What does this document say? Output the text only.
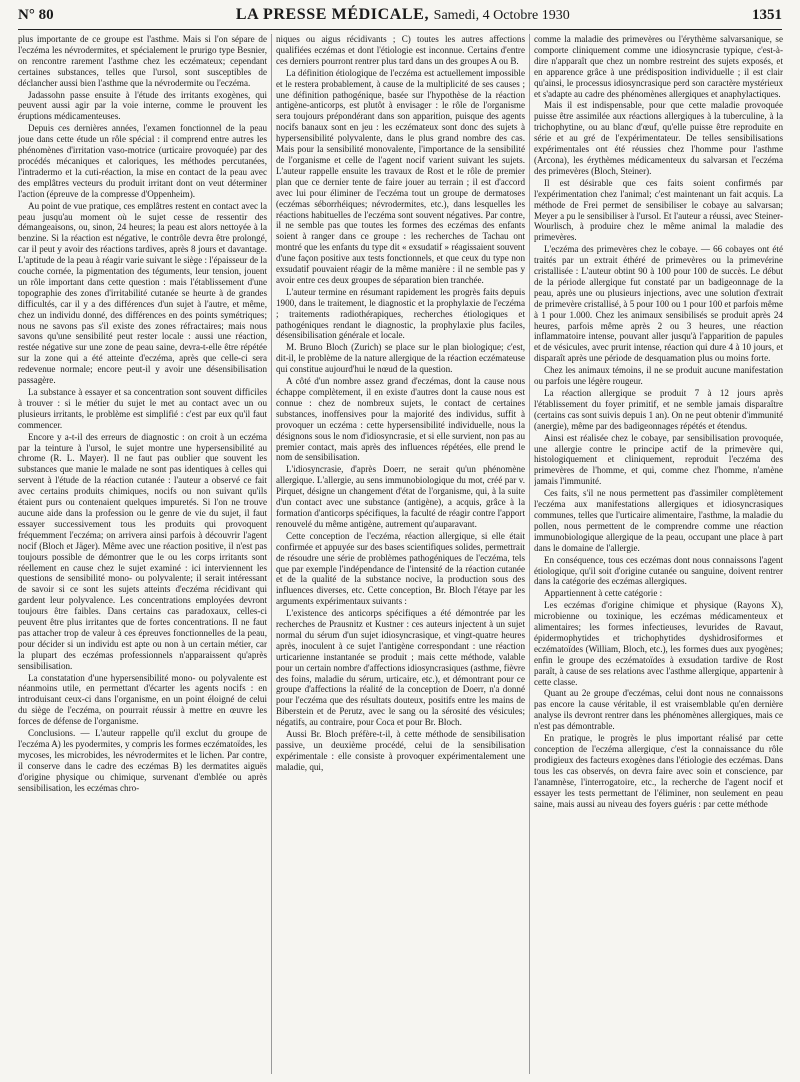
N° 80	LA PRESSE MÉDICALE, Samedi, 4 Octobre 1930	1351

plus importante de ce groupe est l'asthme. Mais si l'on sépare de l'eczéma les névrodermites, et spécialement le prurigo type Besnier, on rencontre rarement l'asthme chez les eczémateux; cependant certaines substances, telles que l'ursol, sont susceptibles de déclancher aussi bien l'asthme que la névrodermite ou l'eczéma.

Jadassohn passe ensuite à l'étude des irritants exogènes, qui peuvent aussi agir par la voie interne, comme le prouvent les éruptions médicamenteuses.

Depuis ces dernières années, l'examen fonctionnel de la peau joue dans cette étude un rôle spécial : il comprend entre autres les phénomènes d'irritation vaso-motrice (urticaire provoquée) par des procédés mécaniques et caloriques, les méthodes percutanées, l'intradermo et la cuti-réaction, la mise en contact de la peau avec des emplâtres vecteurs du produit irritant dont on veut déterminer l'action (épreuve de la compresse d'Oppenheim).

Au point de vue pratique, ces emplâtres restent en contact avec la peau jusqu'au moment où le sujet cesse de ressentir des démangeaisons, ou, sinon, 24 heures; la peau est alors nettoyée à la benzine. Si la réaction est négative, le contrôle devra être prolongé, car il peut y avoir des réactions tardives, après 8 jours et davantage. L'aptitude de la peau à réagir varie suivant le siège : l'épaisseur de la couche cornée, la pigmentation des téguments, leur tension, jouent un rôle important dans cette question : mais l'établissement d'une topographie des zones d'irritabilité cutanée se heurte à de grandes difficultés, car il y a des différences d'un sujet à l'autre, et même, chez un individu donné, des différences en des points symétriques; nous ne savons pas s'il existe des zones réfractaires; mais nous savons qu'une sensibilité peut rester locale : aussi une réaction, restée négative sur une zone de peau saine, devra-t-elle être répétée sur la zone qui a été atteinte d'eczéma, après que celle-ci sera redevenue normale; encore peut-il y avoir une désensibilisation passagère.

La substance à essayer et sa concentration sont souvent difficiles à trouver : si le métier du sujet le met au contact avec un ou plusieurs irritants, le problème est simplifié : c'est par eux qu'il faut commencer.

Encore y a-t-il des erreurs de diagnostic : on croit à un eczéma par la teinture à l'ursol, le sujet montre une hypersensibilité au chrome (R. L. Mayer). Il ne faut pas oublier que souvent les substances que manie le malade ne sont pas identiques à celles qui servent à l'étude de la réaction cutanée : l'auteur a observé ce fait avec certains produits chimiques, nocifs ou non suivant qu'ils étaient purs ou contenaient quelques impuretés. Si l'on ne trouve aucune aide dans la profession ou le genre de vie du sujet, il faut essayer successivement tous les produits qui provoquent fréquemment l'eczéma; on arrivera ainsi parfois à découvrir l'agent nocif (Bloch et Jäger). Même avec une réaction positive, il n'est pas toujours possible de démontrer que le ou les corps irritants sont réellement en cause chez le sujet examiné : ici interviennent les questions de sensibilité mono- ou polyvalente; il serait intéressant de savoir si ce sont les sujets atteints d'eczéma récidivant qui gardent leur polyvalence. Les concentrations employées devront toujours être faibles. Dans certains cas paradoxaux, celles-ci peuvent être plus irritantes que de fortes concentrations. Il ne faut pas attacher trop de valeur à ces épreuves fonctionnelles de la peau, pour décider si un individu est apte ou non à un certain métier, car la plupart des eczémas professionnels n'apparaissent qu'après sensibilisation.

La constatation d'une hypersensibilité mono- ou polyvalente est néanmoins utile, en permettant d'écarter les agents nocifs : en introduisant ceux-ci dans l'organisme, en un point éloigné de celui du siège de l'eczéma, on pourrait réussir à mettre en œuvre les forces de défense de l'organisme.

Conclusions. — L'auteur rappelle qu'il exclut du groupe de l'eczéma A) les pyodermites, y compris les formes eczématoïdes, les mycoses, les microbides, les névrodermites et le lichen. Par contre, il conserve dans le cadre des eczémas B) les dermatites aiguës d'origine physique ou chimique, survenant d'emblée ou après sensibilisation, les eczémas chro-

niques ou aigus récidivants ; C) toutes les autres affections qualifiées eczémas et dont l'étiologie est inconnue. Certains d'entre ces derniers pourront rentrer plus tard dans un des groupes A ou B.

La définition étiologique de l'eczéma est actuellement impossible et le restera probablement, à cause de la multiplicité de ses causes ; une définition pathogénique, basée sur l'hypothèse de la réaction antigène-anticorps, est plutôt à envisager : le rôle de l'organisme sera toujours prépondérant dans son apparition, puisque des agents nocifs banaux sont en jeu : les eczémateux sont donc des sujets à hypersensibilité polyvalente, dans le plus grand nombre des cas. Mais pour la sensibilité monovalente, l'importance de la sensibilité de l'organisme et celle de l'agent nocif varient suivant les sujets. L'auteur rappelle ensuite les travaux de Rost et le rôle de premier plan que ce dernier tente de faire jouer au terrain ; il est d'accord avec lui pour éliminer de l'eczéma tout un groupe de dermatoses (eczémas séborrhéiques; névrodermites, etc.), dans lesquelles les réactions habituelles de l'eczéma sont souvent négatives. Par contre, il ne semble pas que toutes les formes des eczémas des enfants soient à ranger dans ce groupe : les recherches de Tachau ont montré que les enfants du type dit « exsudatif » réagissaient souvent d'une façon positive aux tests fonctionnels, et que ceux du type non exsudatif pouvaient réagir de la même manière : il ne semble pas y avoir entre ces deux groupes de séparation bien tranchée.

L'auteur termine en résumant rapidement les progrès faits depuis 1900, dans le traitement, le diagnostic et la prophylaxie de l'eczéma ; traitements radiothérapiques, recherches étiologiques et pathogéniques rendant le diagnostic, la prophylaxie plus faciles, désensibilisation générale et locale.

M. Bruno Bloch (Zurich) se place sur le plan biologique; c'est, dit-il, le problème de la nature allergique de la réaction eczémateuse qui constitue aujourd'hui le nœud de la question.

A côté d'un nombre assez grand d'eczémas, dont la cause nous échappe complètement, il en existe d'autres dont la cause nous est connue : chez de nombreux sujets, le contact de certaines substances, inoffensives pour la majorité des individus, suffit à provoquer un eczéma : cette hypersensibilité individuelle, nous la désignons sous le nom d'idiosyncrasie, et si elle survient, non pas au premier contact, mais après des influences répétées, elle prend le nom de sensibilisation.

L'idiosyncrasie, d'après Doerr, ne serait qu'un phénomène allergique. L'allergie, au sens immunobiologique du mot, créé par v. Pirquet, désigne un changement d'état de l'organisme, qui, à la suite d'un contact avec une substance (antigène), a acquis, grâce à la formation d'anticorps spécifiques, la faculté de réagir contre l'apport renouvelé du même antigène, autrement qu'auparavant.

Cette conception de l'eczéma, réaction allergique, si elle était confirmée et appuyée sur des bases scientifiques solides, permettrait de résoudre une série de problèmes pathogéniques de l'eczéma, tels que par exemple l'indépendance de l'intensité de la réaction cutanée et de la qualité de la substance nocive, la production sous des influences diverses, etc. Cette conception, Br. Bloch l'étaye par les arguments expérimentaux suivants :

L'existence des anticorps spécifiques a été démontrée par les recherches de Prausnitz et Kustner : ces auteurs injectent à un sujet normal du sérum d'un sujet idiosyncrasique, et vingt-quatre heures après, inoculent à ce sujet l'antigène correspondant : une réaction urticarienne instantanée se produit ; mais cette méthode, valable pour un certain nombre d'affections idiosyncrasiques (asthme, fièvre des foins, maladie du sérum, urticaire, etc.), et démontrant pour ce groupe d'affections la réalité de la conception de Doerr, n'a donné pour l'eczéma que des résultats douteux, positifs entre les mains de Biberstein et de Perutz, avec le sang ou la sérosité des vésicules; négatifs, au contraire, pour Coca et pour Br. Bloch.

Aussi Br. Bloch préfère-t-il, à cette méthode de sensibilisation passive, un deuxième procédé, celui de la sensibilisation expérimentale : elle consiste à provoquer expérimentalement une maladie, qui,

comme la maladie des primevères ou l'érythème salvarsanique, se comporte cliniquement comme une idiosyncrasie typique, c'est-à-dire n'apparaît que chez un nombre restreint des sujets exposés, et en apparence grâce à une prédisposition individuelle ; il est clair qu'ainsi, le processus idiosyncrasique perd son caractère mystérieux et s'adapte au cadre des phénomènes allergiques et anaphylactiques.

Mais il est indispensable, pour que cette maladie provoquée puisse être assimilée aux réactions allergiques à la tuberculine, à la trichophytine, ou au blanc d'œuf, qu'elle puisse être reproduite en série et au gré de l'expérimentateur. De telles sensibilisations expérimentales ont été réussies chez l'homme pour l'asthme (Arcona), les érythèmes médicamenteux du salvarsan et l'eczéma des primevères (Bloch, Steiner).

Il est désirable que ces faits soient confirmés par l'expérimentation chez l'animal; c'est maintenant un fait acquis. La méthode de Frei permet de sensibiliser le cobaye au salvarsan; Meyer a pu le sensibiliser à l'ursol. Et l'auteur a réussi, avec Steiner-Wourlisch, à produire chez le même animal la maladie des primevères.

L'eczéma des primevères chez le cobaye. — 66 cobayes ont été traités par un extrait éthéré de primevères ou la primevérine cristallisée : L'auteur obtint 90 à 100 pour 100 de succès. Le début de la période allergique fut constaté par un badigeonnage de la peau, après une ou plusieurs injections, avec une solution d'extrait de primevère cristallisé, à 5 pour 100 ou 1 pour 100 et parfois même à 1 pour 1.000. Chez les animaux sensibilisés se produit après 24 heures, parfois même après 2 ou 3 heures, une réaction inflammatoire intense, pouvant aller jusqu'à l'apparition de papules et de vésicules, avec prurit intense, réaction qui dure 4 à 10 jours, et disparaît après une période de desquamation plus ou moins forte.

Chez les animaux témoins, il ne se produit aucune manifestation ou parfois une légère rougeur.

La réaction allergique se produit 7 à 12 jours après l'établissement du foyer primitif, et ne semble jamais disparaître (certains cas sont suivis depuis 1 an). On ne peut obtenir d'immunité (anergie), même par des badigeonnages répétés et étendus.

Ainsi est réalisée chez le cobaye, par sensibilisation provoquée, une allergie contre le principe actif de la primevère qui, histologiquement et cliniquement, reproduit l'eczéma des primevères de l'homme, et qui, comme chez l'homme, n'amène jamais l'immunité.

Ces faits, s'il ne nous permettent pas d'assimiler complètement l'eczéma aux manifestations allergiques et idiosyncrasiques communes, telles que l'urticaire alimentaire, l'asthme, la maladie du pollen, nous permettent de le comprendre comme une réaction immunobiologique allergique de la peau, occupant une place à part dans le domaine de l'allergie.

En conséquence, tous ces eczémas dont nous connaissons l'agent étiologique, qu'il soit d'origine cutanée ou sanguine, doivent rentrer dans la catégorie des eczémas allergiques.

Appartiennent à cette catégorie :

Les eczémas d'origine chimique et physique (Rayons X), microbienne ou toxinique, les eczémas médicamenteux et alimentaires; les formes infectieuses, levurides de Ravaut, épidermophytides et trichophytides dyshidrosiformes et eczématoïdes (William, Bloch, etc.), les formes dues aux pyogènes; enfin le groupe des eczématoïdes à exsudation tardive de Rost paraît, à cause de ses relations avec l'asthme allergique, appartenir à cette classe.

Quant au 2e groupe d'eczémas, celui dont nous ne connaissons pas encore la cause véritable, il est vraisemblable qu'en dernière analyse ils devront rentrer dans les phénomènes allergiques, mais ce n'est pas démontrable.

En pratique, le progrès le plus important réalisé par cette conception de l'eczéma allergique, c'est la connaissance du rôle prodigieux des facteurs exogènes dans l'étiologie des eczémas. Dans tous les cas observés, on devra faire avec soin et conscience, par l'anamnèse, l'interrogatoire, etc., la recherche de l'agent nocif et essayer les tests permettant de l'éliminer, non seulement en peau saine, mais aussi au niveau des foyers guéris : par cette méthode
